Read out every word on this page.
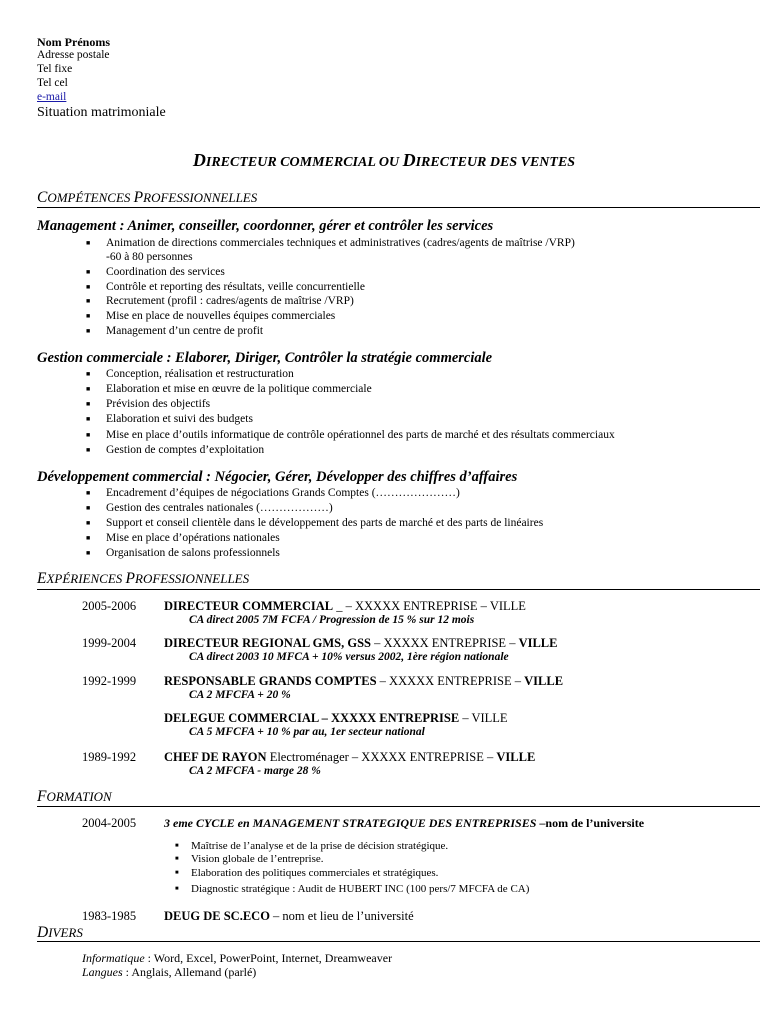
Nom Prénoms
Adresse postale
Tel fixe
Tel cel
e-mail
Situation matrimoniale
DIRECTEUR COMMERCIAL OU DIRECTEUR DES VENTES
COMPÉTENCES PROFESSIONNELLES
Management : Animer, conseiller, coordonner, gérer et contrôler les services
■ Animation de directions commerciales techniques et administratives (cadres/agents de maîtrise /VRP)
-60 à 80 personnes
■ Coordination des services
■ Contrôle et reporting des résultats, veille concurrentielle
■ Recrutement (profil : cadres/agents de maîtrise /VRP)
■ Mise en place de nouvelles équipes commerciales
■ Management d’un centre de profit
Gestion commerciale : Elaborer, Diriger, Contrôler la stratégie commerciale
■ Conception, réalisation et restructuration
■ Elaboration et mise en œuvre de la politique commerciale
■ Prévision des objectifs
■ Elaboration et suivi des budgets
■ Mise en place d’outils informatique de contrôle opérationnel des parts de marché et des résultats commerciaux
■ Gestion de comptes d’exploitation
Développement commercial : Négocier, Gérer, Développer des chiffres d’affaires
■ Encadrement d’équipes de négociations Grands Comptes (…………………)
■ Gestion des centrales nationales (………………)
■ Support et conseil clientèle dans le développement des parts de marché et des parts de linéaires
■ Mise en place d’opérations nationales
■ Organisation de salons professionnels
EXPÉRIENCES PROFESSIONNELLES
2005-2006 DIRECTEUR COMMERCIAL _ – XXXXX ENTREPRISE – VILLE
CA direct 2005 7M FCFA / Progression de 15 % sur 12 mois
1999-2004 DIRECTEUR REGIONAL GMS, GSS – XXXXX ENTREPRISE – VILLE
CA direct 2003 10 MFCA + 10% versus 2002, 1ère région nationale
1992-1999 RESPONSABLE GRANDS COMPTES – XXXXX ENTREPRISE – VILLE
CA 2 MFCFA + 20 %
DELEGUE COMMERCIAL – XXXXX ENTREPRISE – VILLE
CA 5 MFCFA + 10 % par au, 1er secteur national
1989-1992 CHEF DE RAYON Electroménager – XXXXX ENTREPRISE – VILLE
CA 2 MFCFA - marge 28 %
FORMATION
2004-2005 3 eme CYCLE en MANAGEMENT STRATEGIQUE DES ENTREPRISES –nom de l’universite
■ Maîtrise de l’analyse et de la prise de décision stratégique.
■ Vision globale de l’entreprise.
■ Elaboration des politiques commerciales et stratégiques.
■ Diagnostic stratégique : Audit de HUBERT INC (100 pers/7 MFCFA de CA)
1983-1985 DEUG DE SC.ECO – nom et lieu de l’université
DIVERS
Informatique : Word, Excel, PowerPoint, Internet, Dreamweaver
Langues : Anglais, Allemand (parlé)
